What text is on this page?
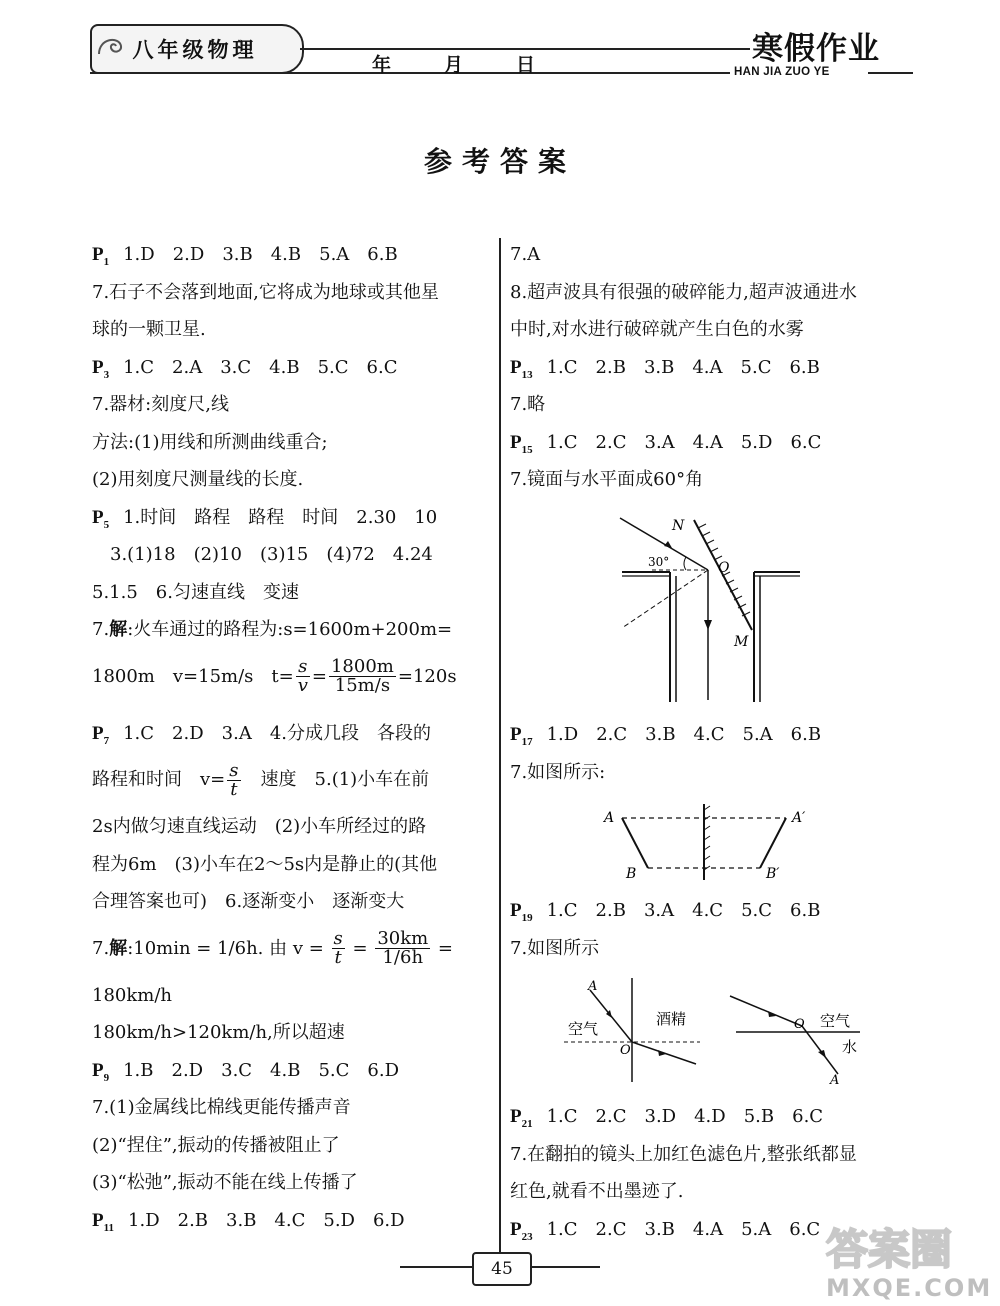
八年级物理
年	月	日	寒假作业
HAN JIA ZUO YE
参考答案
$P_1$ 1.D　2.D　3.B　4.B　5.A　6.B
7.石子不会落到地面,它将成为地球或其他星
球的一颗卫星.
$P_3$ 1.C　2.A　3.C　4.B　5.C　6.C
7.器材:刻度尺,线
方法:(1)用线和所测曲线重合;
(2)用刻度尺测量线的长度.
$P_5$ 1.时间　路程　路程　时间　2.30　10
3.(1)18　(2)10　(3)15　(4)72　4.24
5.1.5　6.匀速直线　变速
7.解:火车通过的路程为:s=1600m+200m=
1800m　v=15m/s　$t= \frac{s}{v} = \frac{1800m}{15m/s} =120s$
$P_7$ 1.C　2.D　3.A　4.分成几段　各段的
路程和时间　$v= \frac{s}{t}$ 　速度　5.(1)小车在前
2s内做匀速直线运动　(2)小车所经过的路
程为6m　(3)小车在2～5s内是静止的(其他
合理答案也可)　6.逐渐变小　逐渐变大
7.解:10min = 1/6h. 由 $v = \frac{s}{t} = \frac{30km}{1/6h}$ =
180km/h
180km/h>120km/h,所以超速
$P_9$ 1.B　2.D　3.C　4.B　5.C　6.D
7.(1)金属线比棉线更能传播声音
(2)“捏住”,振动的传播被阻止了
(3)“松弛”,振动不能在线上传播了
$P_{11}$ 1.D　2.B　3.B　4.C　5.D　6.D
7.A
8.超声波具有很强的破碎能力,超声波通进水
中时,对水进行破碎就产生白色的水雾
$P_{13}$ 1.C　2.B　3.B　4.A　5.C　6.B
7.略
$P_{15}$ 1.C　2.C　3.A　4.A　5.D　6.C
7.镜面与水平面成60°角
N
30°	O
M
$P_{17}$ 1.D　2.C　3.B　4.C　5.A　6.B
7.如图所示:
A	A′
B	B′
$P_{19}$ 1.C　2.B　3.A　4.C　5.C　6.B
7.如图所示
A
空气
酒精
O
O 空气
水
A
$P_{21}$ 1.C　2.C　3.D　4.D　5.B　6.C
7.在翻拍的镜头上加红色滤色片,整张纸都显
红色,就看不出墨迹了.
$P_{23}$ 1.C　2.C　3.B　4.A　5.A　6.C
45	答案圈
MXQE.COM
